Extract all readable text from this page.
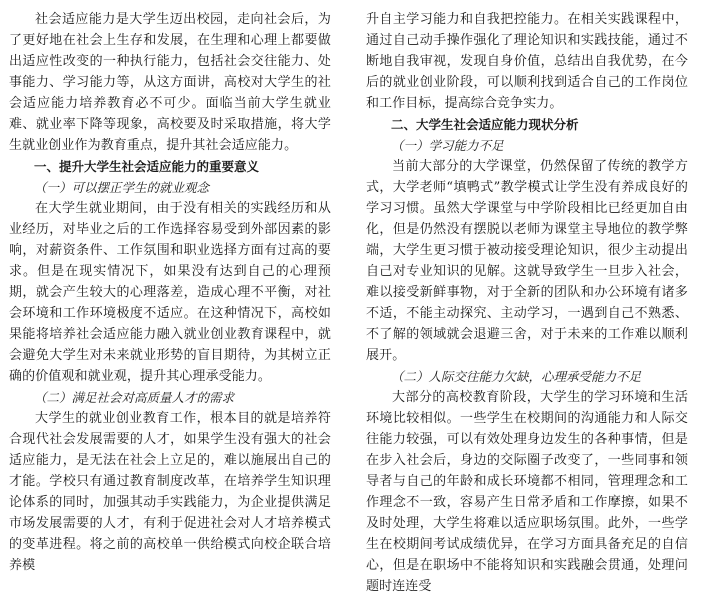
社会适应能力是大学生迈出校园，走向社会后，为了更好地在社会上生存和发展，在生理和心理上都要做出适应性改变的一种执行能力，包括社会交往能力、处事能力、学习能力等，从这方面讲，高校对大学生的社会适应能力培养教育必不可少。面临当前大学生就业难、就业率下降等现象，高校要及时采取措施，将大学生就业创业作为教育重点，提升其社会适应能力。

一、提升大学生社会适应能力的重要意义
（一）可以摆正学生的就业观念

在大学生就业期间，由于没有相关的实践经历和从业经历，对毕业之后的工作选择容易受到外部因素的影响，对薪资条件、工作氛围和职业选择方面有过高的要求。但是在现实情况下，如果没有达到自己的心理预期，就会产生较大的心理落差，造成心理不平衡，对社会环境和工作环境极度不适应。在这种情况下，高校如果能将培养社会适应能力融入就业创业教育课程中，就会避免大学生对未来就业形势的盲目期待，为其树立正确的价值观和就业观，提升其心理承受能力。

（二）满足社会对高质量人才的需求

大学生的就业创业教育工作，根本目的就是培养符合现代社会发展需要的人才，如果学生没有强大的社会适应能力，是无法在社会上立足的，难以施展出自己的才能。学校只有通过教育制度改革，在培养学生知识理论体系的同时，加强其动手实践能力，为企业提供满足市场发展需要的人才，有利于促进社会对人才培养模式的变革进程。将之前的高校单一供给模式向校企联合培养模

升自主学习能力和自我把控能力。在相关实践课程中，通过自己动手操作强化了理论知识和实践技能，通过不断地自我审视，发现自身价值，总结出自我优势，在今后的就业创业阶段，可以顺利找到适合自己的工作岗位和工作目标，提高综合竞争实力。

二、大学生社会适应能力现状分析
（一）学习能力不足

当前大部分的大学课堂，仍然保留了传统的教学方式，大学老师“填鸭式”教学模式让学生没有养成良好的学习习惯。虽然大学课堂与中学阶段相比已经更加自由化，但是仍然没有摆脱以老师为课堂主导地位的教学弊端，大学生更习惯于被动接受理论知识，很少主动提出自己对专业知识的见解。这就导致学生一旦步入社会，难以接受新鲜事物，对于全新的团队和办公环境有诸多不适，不能主动探究、主动学习，一遇到自己不熟悉、不了解的领域就会退避三舍，对于未来的工作难以顺利展开。

（二）人际交往能力欠缺，心理承受能力不足

大部分的高校教育阶段，大学生的学习环境和生活环境比较相似。一些学生在校期间的沟通能力和人际交往能力较强，可以有效处理身边发生的各种事情，但是在步入社会后，身边的交际圈子改变了，一些同事和领导者与自己的年龄和成长环境都不相同，管理理念和工作理念不一致，容易产生日常矛盾和工作摩擦，如果不及时处理，大学生将难以适应职场氛围。此外，一些学生在校期间考试成绩优异，在学习方面具备充足的自信心，但是在职场中不能将知识和实践融会贯通，处理问题时连连受
